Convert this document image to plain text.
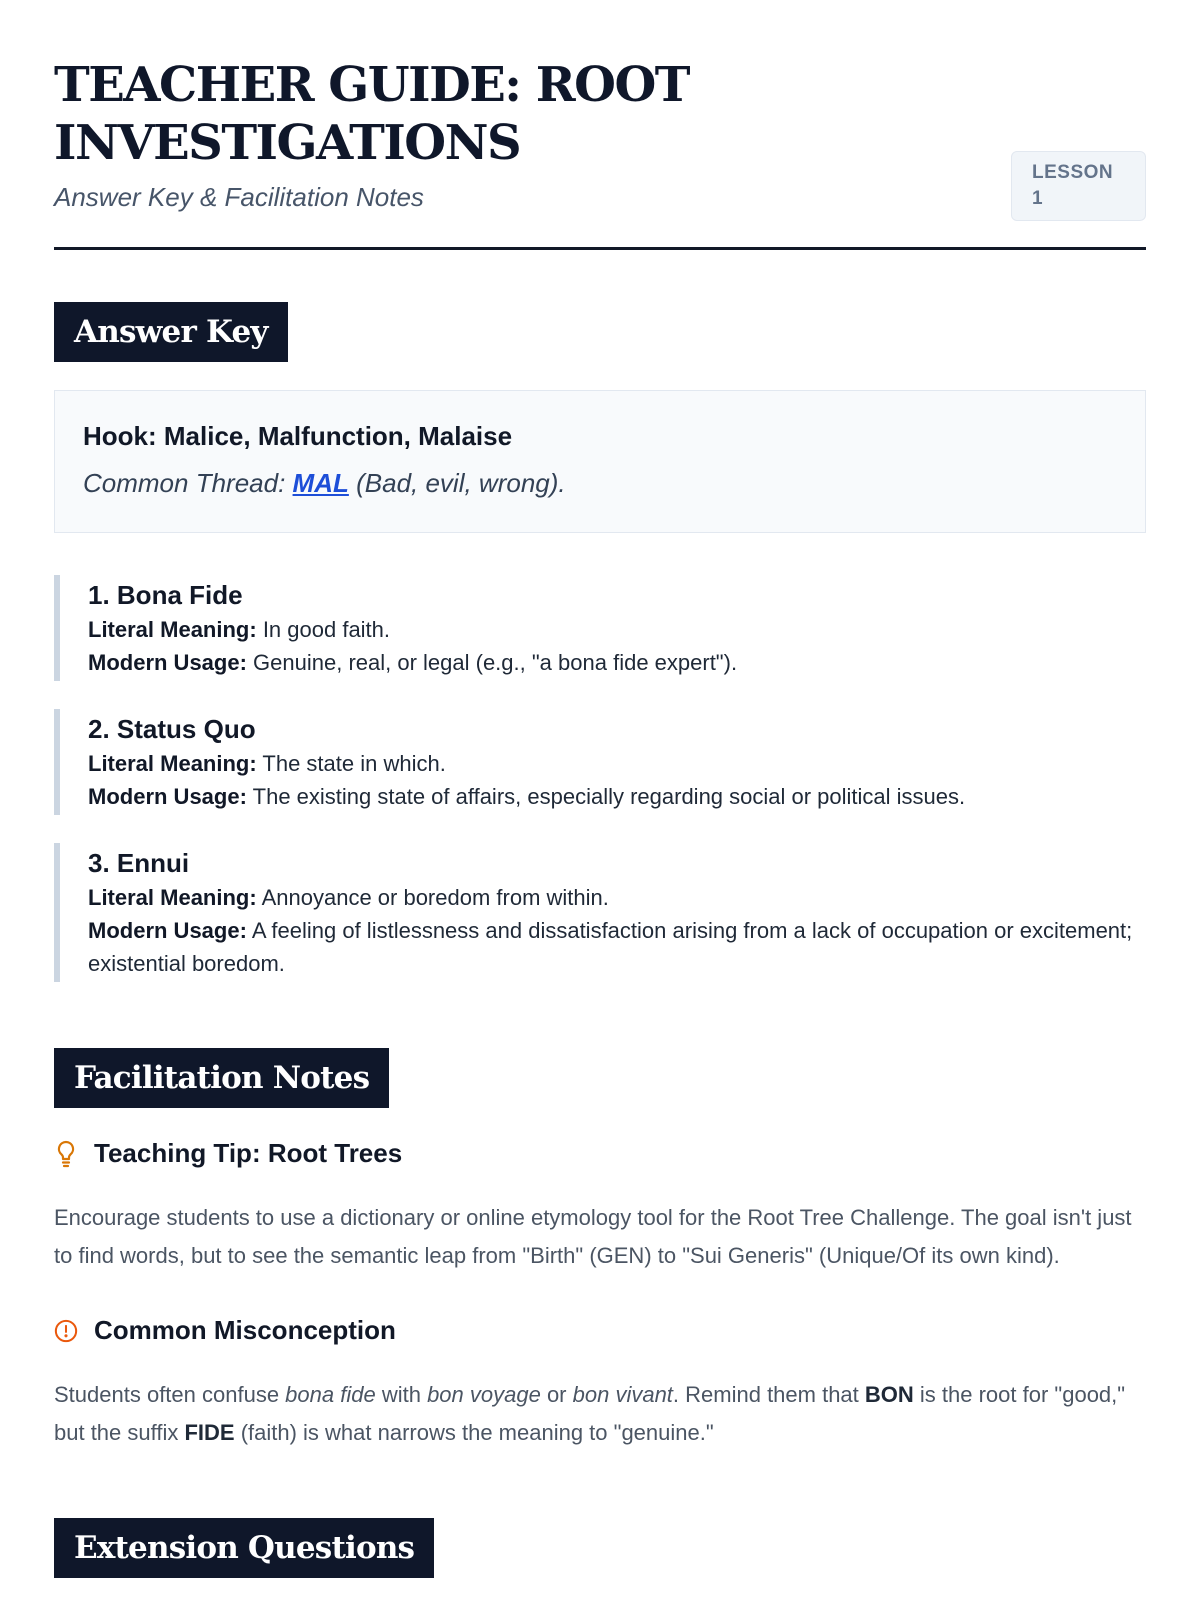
TEACHER GUIDE: ROOT INVESTIGATIONS
Answer Key & Facilitation Notes
LESSON 1
Answer Key
Hook: Malice, Malfunction, Malaise
Common Thread: MAL (Bad, evil, wrong).
1. Bona Fide
Literal Meaning: In good faith.
Modern Usage: Genuine, real, or legal (e.g., "a bona fide expert").
2. Status Quo
Literal Meaning: The state in which.
Modern Usage: The existing state of affairs, especially regarding social or political issues.
3. Ennui
Literal Meaning: Annoyance or boredom from within.
Modern Usage: A feeling of listlessness and dissatisfaction arising from a lack of occupation or excitement; existential boredom.
Facilitation Notes
Teaching Tip: Root Trees

Encourage students to use a dictionary or online etymology tool for the Root Tree Challenge. The goal isn't just to find words, but to see the semantic leap from "Birth" (GEN) to "Sui Generis" (Unique/Of its own kind).

Common Misconception

Students often confuse bona fide with bon voyage or bon vivant. Remind them that BON is the root for "good," but the suffix FIDE (faith) is what narrows the meaning to "genuine."

Extension Questions
